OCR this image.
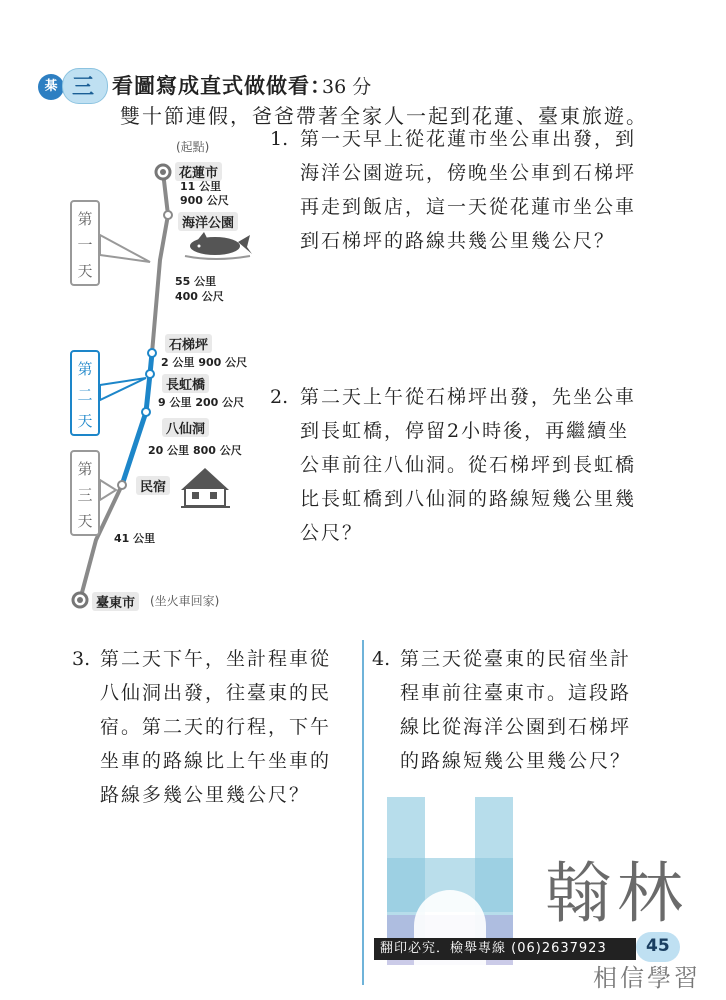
棊 三 看圖寫成直式做做看：
36 分
雙十節連假，爸爸帶著全家人一起到花蓮、臺東旅遊。
第
一
天
第
二
天
第
三
天
(起點)
花蓮市
11 公里
900 公尺
海洋公園
55 公里
400 公尺
石梯坪
2 公里 900 公尺
長虹橋
9 公里 200 公尺
八仙洞
20 公里 800 公尺
民宿
41 公里
臺東市	(坐火車回家)
1. 第一天早上從花蓮市坐公車出發，到
海洋公園遊玩，傍晚坐公車到石梯坪
再走到飯店，這一天從花蓮市坐公車
到石梯坪的路線共幾公里幾公尺？
2. 第二天上午從石梯坪出發，先坐公車
到長虹橋，停留2小時後，再繼續坐
公車前往八仙洞。從石梯坪到長虹橋
比長虹橋到八仙洞的路線短幾公里幾
公尺？
3. 第二天下午，坐計程車從
八仙洞出發，往臺東的民
宿。第二天的行程，下午
坐車的路線比上午坐車的
路線多幾公里幾公尺？
4. 第三天從臺東的民宿坐計
程車前往臺東市。這段路
線比從海洋公園到石梯坪
的路線短幾公里幾公尺？
翰林
相信學習
翻印必究．檢舉專線 (06)2637923	45
